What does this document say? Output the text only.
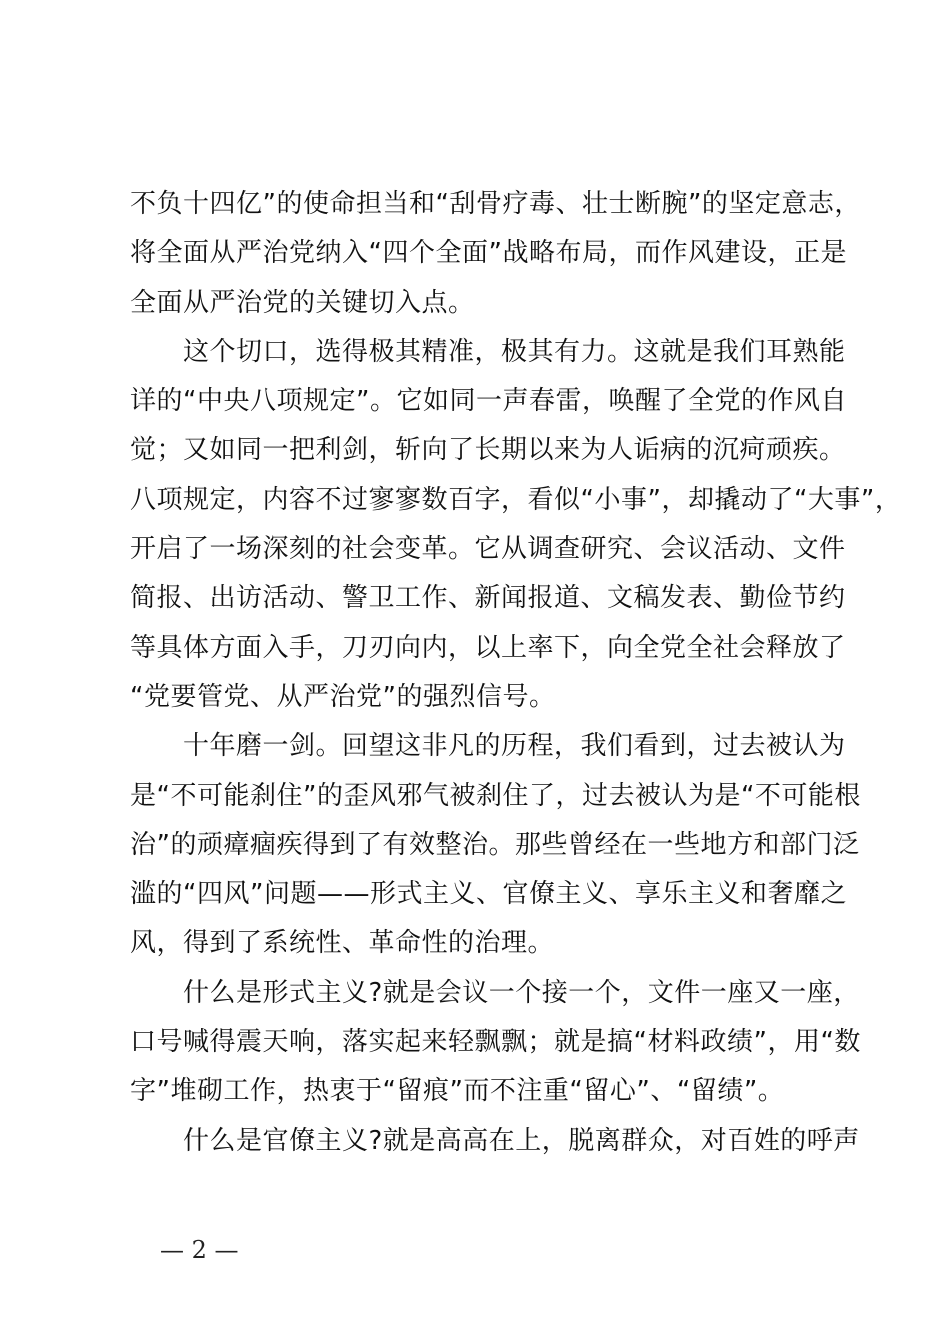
不负十四亿”的使命担当和“刮骨疗毒、壮士断腕”的坚定意志，
将全面从严治党纳入“四个全面”战略布局，而作风建设，正是
全面从严治党的关键切入点。
　　这个切口，选得极其精准，极其有力。这就是我们耳熟能
详的“中央八项规定”。它如同一声春雷，唤醒了全党的作风自
觉；又如同一把利剑，斩向了长期以来为人诟病的沉疴顽疾。
八项规定，内容不过寥寥数百字，看似“小事”，却撬动了“大事”，
开启了一场深刻的社会变革。它从调查研究、会议活动、文件
简报、出访活动、警卫工作、新闻报道、文稿发表、勤俭节约
等具体方面入手，刀刃向内，以上率下，向全党全社会释放了
“党要管党、从严治党”的强烈信号。
　　十年磨一剑。回望这非凡的历程，我们看到，过去被认为
是“不可能刹住”的歪风邪气被刹住了，过去被认为是“不可能根
治”的顽瘴痼疾得到了有效整治。那些曾经在一些地方和部门泛
滥的“四风”问题——形式主义、官僚主义、享乐主义和奢靡之
风，得到了系统性、革命性的治理。
　　什么是形式主义?就是会议一个接一个，文件一座又一座，
口号喊得震天响，落实起来轻飘飘；就是搞“材料政绩”，用“数
字”堆砌工作，热衷于“留痕”而不注重“留心”、“留绩”。
　　什么是官僚主义?就是高高在上，脱离群众，对百姓的呼声
— 2 —
